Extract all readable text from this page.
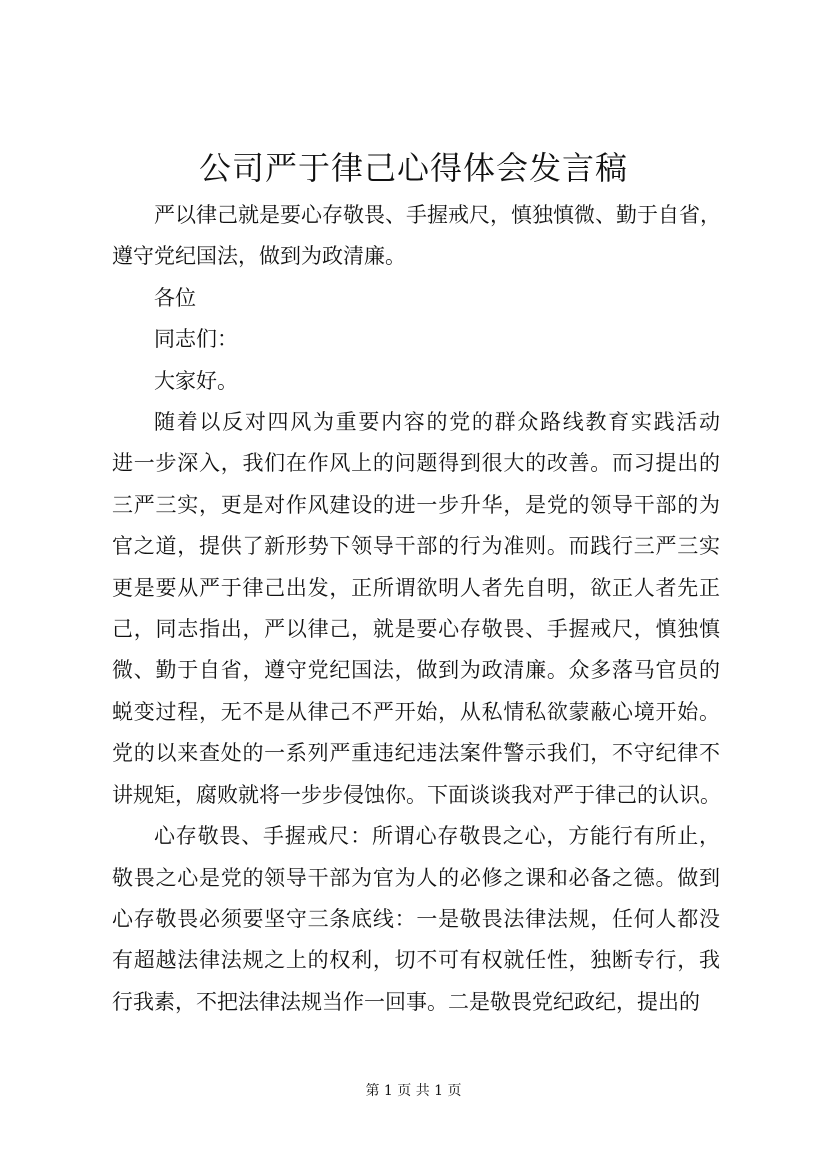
公司严于律己心得体会发言稿

严以律己就是要心存敬畏、手握戒尺，慎独慎微、勤于自省，
遵守党纪国法，做到为政清廉。

各位

同志们：

大家好。

随着以反对四风为重要内容的党的群众路线教育实践活动
进一步深入，我们在作风上的问题得到很大的改善。而习提出的
三严三实，更是对作风建设的进一步升华，是党的领导干部的为
官之道，提供了新形势下领导干部的行为准则。而践行三严三实
更是要从严于律己出发，正所谓欲明人者先自明，欲正人者先正
己，同志指出，严以律己，就是要心存敬畏、手握戒尺，慎独慎
微、勤于自省，遵守党纪国法，做到为政清廉。众多落马官员的
蜕变过程，无不是从律己不严开始，从私情私欲蒙蔽心境开始。
党的以来查处的一系列严重违纪违法案件警示我们，不守纪律不
讲规矩，腐败就将一步步侵蚀你。下面谈谈我对严于律己的认识。

心存敬畏、手握戒尺：所谓心存敬畏之心，方能行有所止，
敬畏之心是党的领导干部为官为人的必修之课和必备之德。做到
心存敬畏必须要坚守三条底线：一是敬畏法律法规，任何人都没
有超越法律法规之上的权利，切不可有权就任性，独断专行，我
行我素，不把法律法规当作一回事。二是敬畏党纪政纪，提出的

第 1 页 共 1 页
